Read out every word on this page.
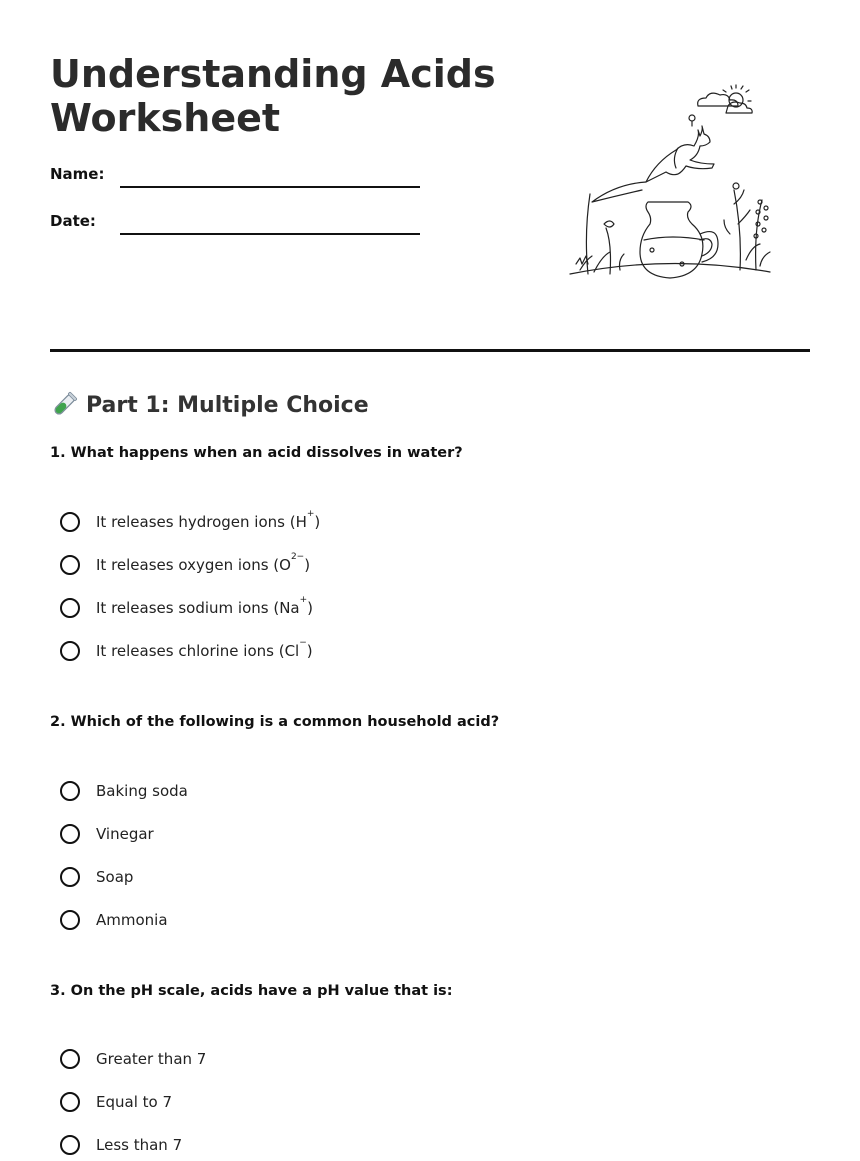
Understanding Acids
Worksheet
Name:
Date:
Part 1: Multiple Choice
1. What happens when an acid dissolves in water?
It releases hydrogen ions (H+)
It releases oxygen ions $(O^{2-})$
It releases sodium ions (Na+)
It releases chlorine ions (Cl−)
2. Which of the following is a common household acid?
Baking soda
Vinegar
Soap
Ammonia
3. On the pH scale, acids have a pH value that is:
Greater than 7
Equal to 7
Less than 7
